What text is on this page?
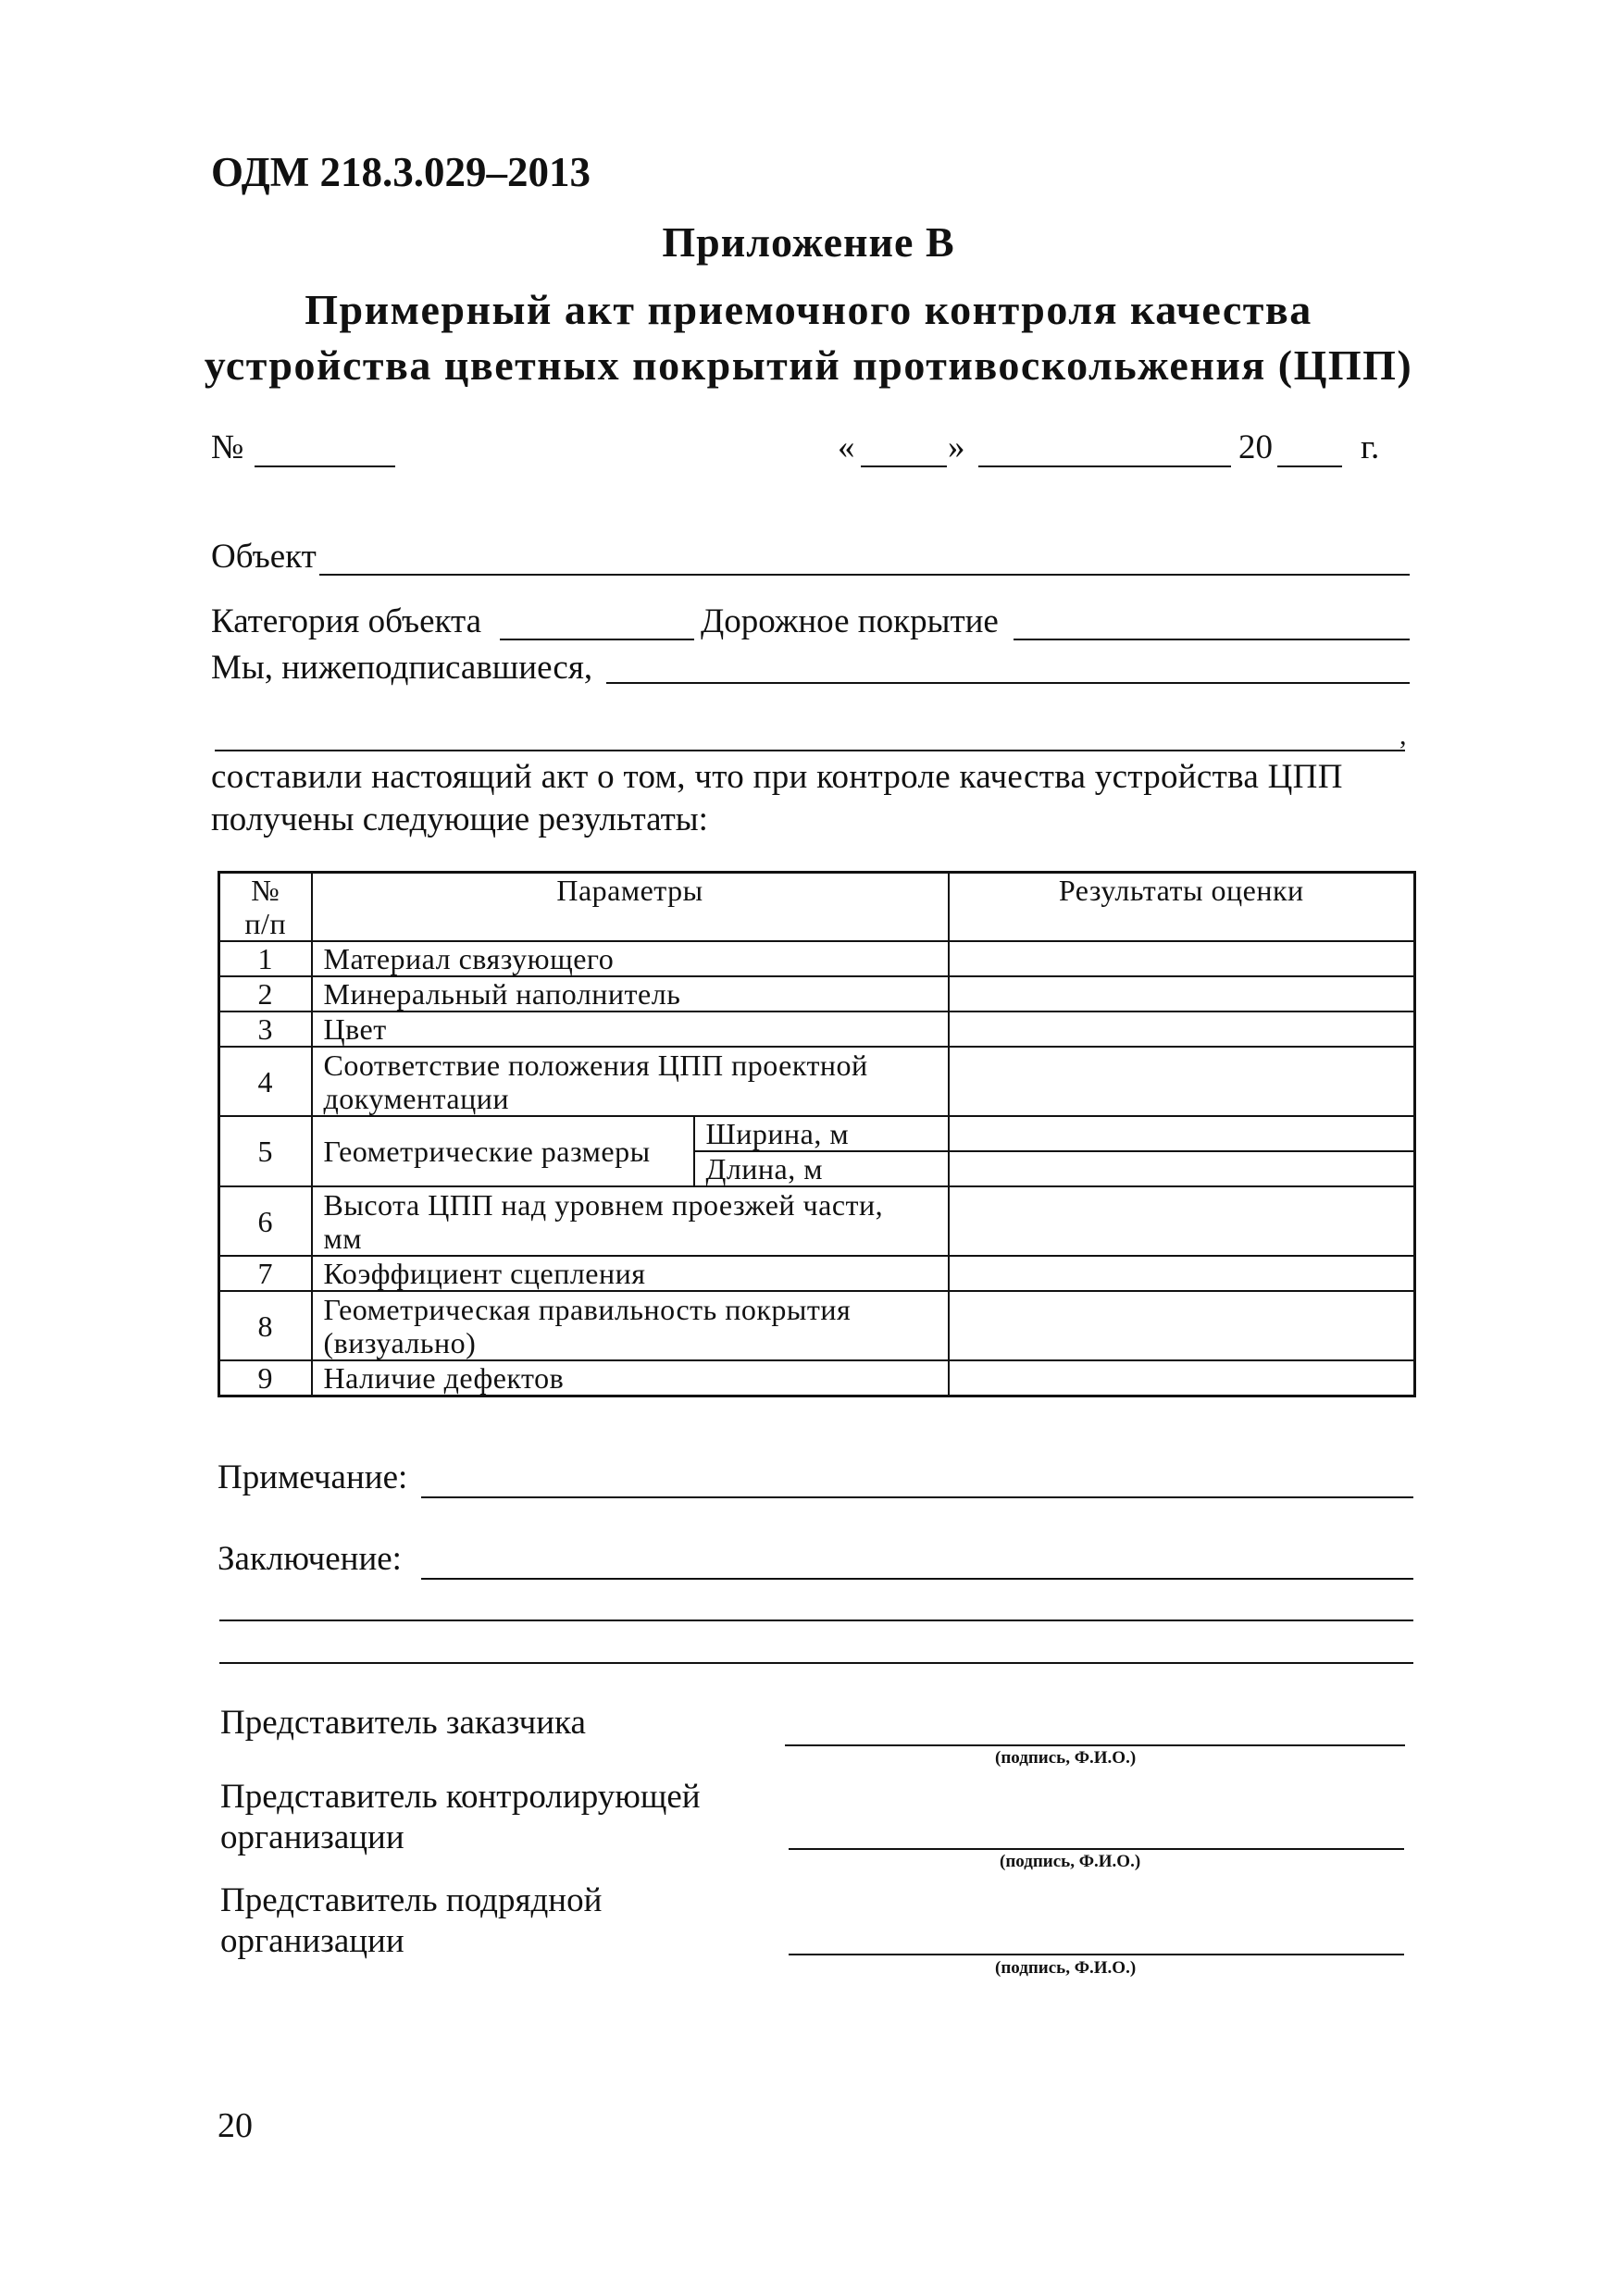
ОДМ 218.3.029–2013
Приложение В
Примерный акт приемочного контроля качества
устройства цветных покрытий противоскольжения (ЦПП)
№	«	»	20	г.
Объект
Категория объекта	Дорожное покрытие
Мы, нижеподписавшиеся,
,
составили настоящий акт о том, что при контроле качества устройства ЦПП
получены следующие результаты:
№
п/п	Параметры		Результаты оценки
1	Материал связующего		
2	Минеральный наполнитель		
3	Цвет		
4	Соответствие положения ЦПП проектной
документации		

5	Геометрические размеры	Ширина, м	
		Длина, м	
6	Высота ЦПП над уровнем проезжей части,
мм		

7	Коэффициент сцепления		
8	Геометрическая правильность покрытия
(визуально)		

9	Наличие дефектов		
Примечание:
Заключение:
Представитель заказчика
(подпись, Ф.И.О.)
Представитель контролирующей
организации
(подпись, Ф.И.О.)
Представитель подрядной
организации
(подпись, Ф.И.О.)
20
